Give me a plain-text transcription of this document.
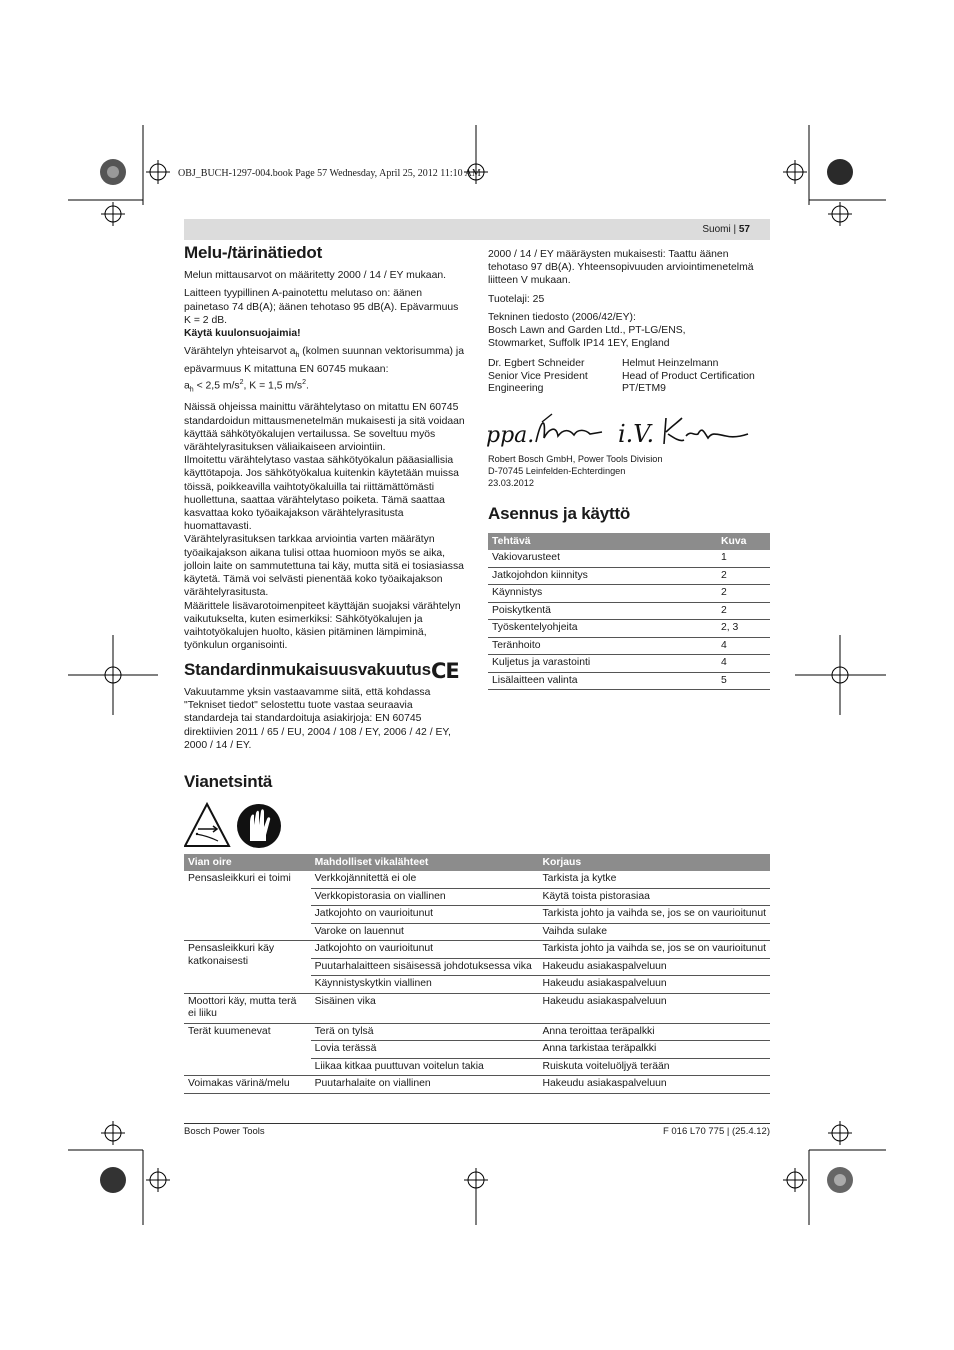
OBJ_BUCH-1297-004.book Page 57 Wednesday, April 25, 2012 11:10 AM
Suomi | 57
Melu-/tärinätiedot

Melun mittausarvot on määritetty 2000 / 14 / EY mukaan.

Laitteen tyypillinen A-painotettu melutaso on: äänen painetaso 74 dB(A); äänen tehotaso 95 dB(A). Epävarmuus K = 2 dB.

Käytä kuulonsuojaimia!

Värähtelyn yhteisarvot $a_h$ (kolmen suunnan vektorisumma) ja epävarmuus K mitattuna EN 60745 mukaan:
$a_h < 2,5$ $m/s^2$, K = 1,5 $m/s^2$.

Näissä ohjeissa mainittu värähtelytaso on mitattu EN 60745 standardoidun mittausmenetelmän mukaisesti ja sitä voidaan käyttää sähkötyökalujen vertailussa. Se soveltuu myös värähtelyrasituksen väliaikaiseen arviointiin.

Ilmoitettu värähtelytaso vastaa sähkötyökalun pääasiallisia käyttötapoja. Jos sähkötyökalua kuitenkin käytetään muissa töissä, poikkeavilla vaihtotyökaluilla tai riittämättömästi huollettuna, saattaa värähtelytaso poiketa. Tämä saattaa kasvattaa koko työaikajakson värähtelyrasitusta huomattavasti.

Värähtelyrasituksen tarkkaa arviointia varten määrätyn työaikajakson aikana tulisi ottaa huomioon myös se aika, jolloin laite on sammutettuna tai käy, mutta sitä ei tosiasiassa käytetä. Tämä voi selvästi pienentää koko työaikajakson värähtelyrasitusta.

Määrittele lisävarotoimenpiteet käyttäjän suojaksi värähtelyn vaikutukselta, kuten esimerkiksi: Sähkötyökalujen ja vaihtotyökalujen huolto, käsien pitäminen lämpiminä, työnkulun organisointi.

Standardinmukaisuusvakuutus CE
Vakuutamme yksin vastaavamme siitä, että kohdassa "Tekniset tiedot" selostettu tuote vastaa seuraavia standardeja tai standardoituja asiakirjoja: EN 60745 direktiivien 2011 / 65 / EU, 2004 / 108 / EY, 2006 / 42 / EY, 2000 / 14 / EY.

2000 / 14 / EY määräysten mukaisesti: Taattu äänen tehotaso 97 dB(A). Yhteensopivuuden arviointimenetelmä liitteen V mukaan.

Tuotelaji: 25

Tekninen tiedosto (2006/42/EY):

Bosch Lawn and Garden Ltd., PT-LG/ENS,

Stowmarket, Suffolk IP14 1EY, England

Dr. Egbert Schneider	Helmut Heinzelmann
Senior Vice President	Head of Product Certification
Engineering	PT/ETM9
ppa.	i.V.
Robert Bosch GmbH, Power Tools Division
D-70745 Leinfelden-Echterdingen
23.03.2012
Asennus ja käyttö
Tehtävä	Kuva
Vakiovarusteet	1
Jatkojohdon kiinnitys	2
Käynnistys	2
Poiskytkentä	2
Työskentelyohjeita	2, 3
Teränhoito	4
Kuljetus ja varastointi	4
Lisälaitteen valinta	5
Vianetsintä
Vian oire	Mahdolliset vikalähteet	Korjaus
Pensasleikkuri ei toimi	Verkkojännitettä ei ole	Tarkista ja kytke
	Verkkopistorasia on viallinen	Käytä toista pistorasiaa
	Jatkojohto on vaurioitunut	Tarkista johto ja vaihda se, jos se on vaurioitunut
	Varoke on lauennut	Vaihda sulake
Pensasleikkuri käy katkonaisesti	Jatkojohto on vaurioitunut	Tarkista johto ja vaihda se, jos se on vaurioitunut
	Puutarhalaitteen sisäisessä johdotuksessa vika	Hakeudu asiakaspalveluun
	Käynnistyskytkin viallinen	Hakeudu asiakaspalveluun
Moottori käy, mutta terä ei liiku	Sisäinen vika	Hakeudu asiakaspalveluun
Terät kuumenevat	Terä on tylsä	Anna teroittaa teräpalkki
	Lovia terässä	Anna tarkistaa teräpalkki
	Liikaa kitkaa puuttuvan voitelun takia	Ruiskuta voiteluöljyä terään
Voimakas värinä/melu	Puutarhalaite on viallinen	Hakeudu asiakaspalveluun
Bosch Power Tools	F 016 L70 775 | (25.4.12)
